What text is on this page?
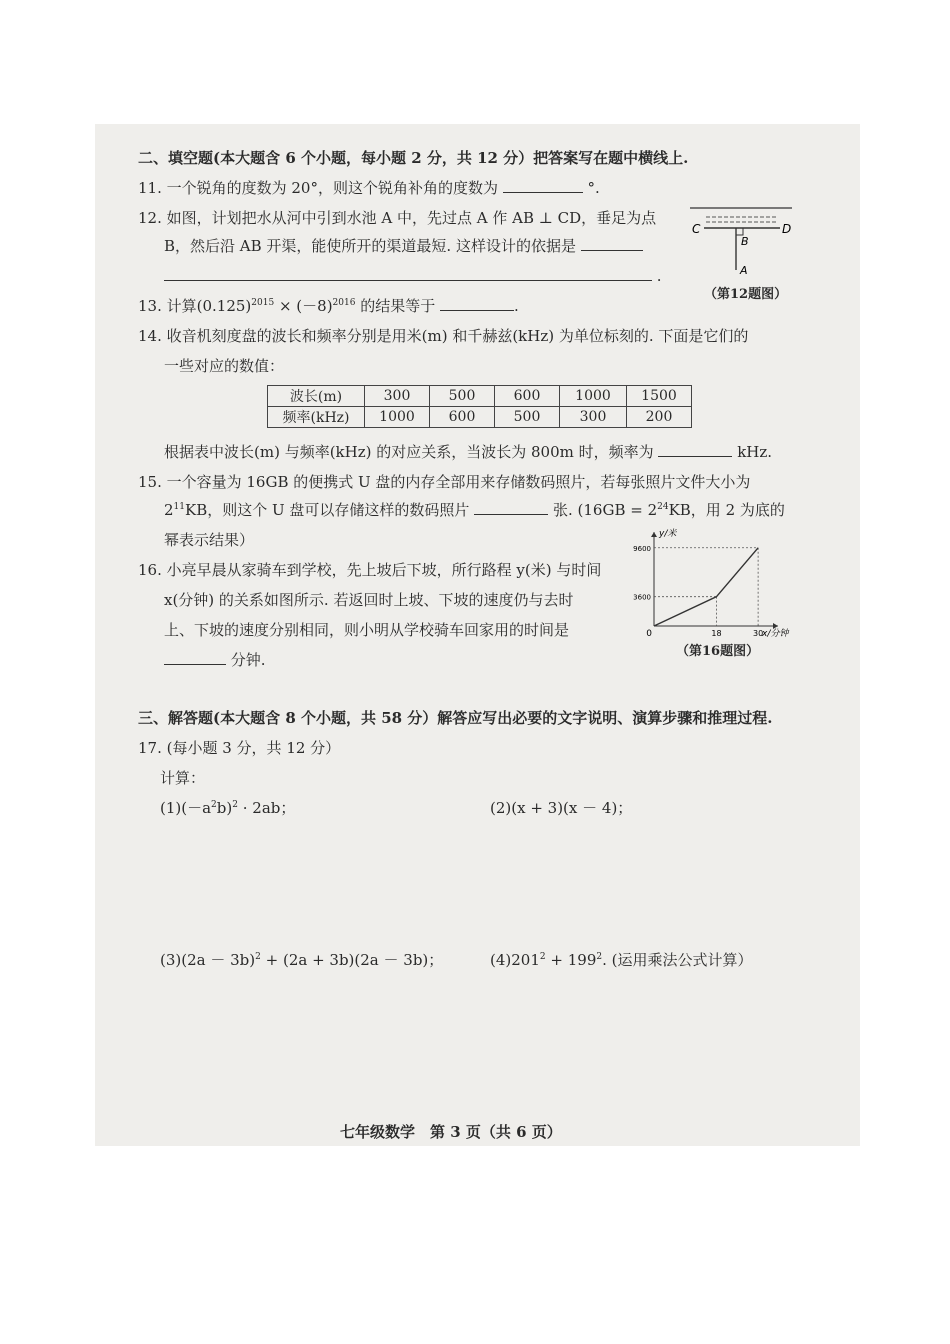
二、填空题(本大题含 6 个小题，每小题 2 分，共 12 分）把答案写在题中横线上.
11. 一个锐角的度数为 20°，则这个锐角补角的度数为	°.
12. 如图，计划把水从河中引到水池 A 中，先过点 A 作 AB ⊥ CD，垂足为点
B，然后沿 AB 开渠，能使所开的渠道最短. 这样设计的依据是
.
C	D
B
A
（第12题图）
13. 计算$(0.125)^{2015} \times (-8)^{2016}$ 的结果等于	.
14. 收音机刻度盘的波长和频率分别是用米(m) 和千赫兹(kHz) 为单位标刻的. 下面是它们的
一些对应的数值：
波长(m)	300	500	600	1000	1500
频率(kHz)	1000	600	500	300	200
根据表中波长(m) 与频率(kHz) 的对应关系，当波长为 800m 时，频率为	kHz.
15. 一个容量为 16GB 的便携式 U 盘的内存全部用来存储数码照片，若每张照片文件大小为
$2^{11}KB$，则这个 U 盘可以存储这样的数码照片	张. ($16GB = 2^{24}KB$，用 2 为底的
幂表示结果）
16. 小亮早晨从家骑车到学校，先上坡后下坡，所行路程 y(米) 与时间
x(分钟) 的关系如图所示. 若返回时上坡、下坡的速度仍与去时
上、下坡的速度分别相同，则小明从学校骑车回家用的时间是
分钟.
18	30
3600
9600
y/米
x/分钟
0
（第16题图）
三、解答题(本大题含 8 个小题，共 58 分）解答应写出必要的文字说明、演算步骤和推理过程.
17. (每小题 3 分，共 12 分）
计算：
$(1)(-a^2b)^2 \cdot 2ab$；	(2)(x + 3)(x － 4)；
$(3)(2a - 3b)^2 + (2a + 3b)(2a - 3b)$；	$(4)201^2 + 199^2$. (运用乘法公式计算）
七年级数学　第 3 页（共 6 页）
